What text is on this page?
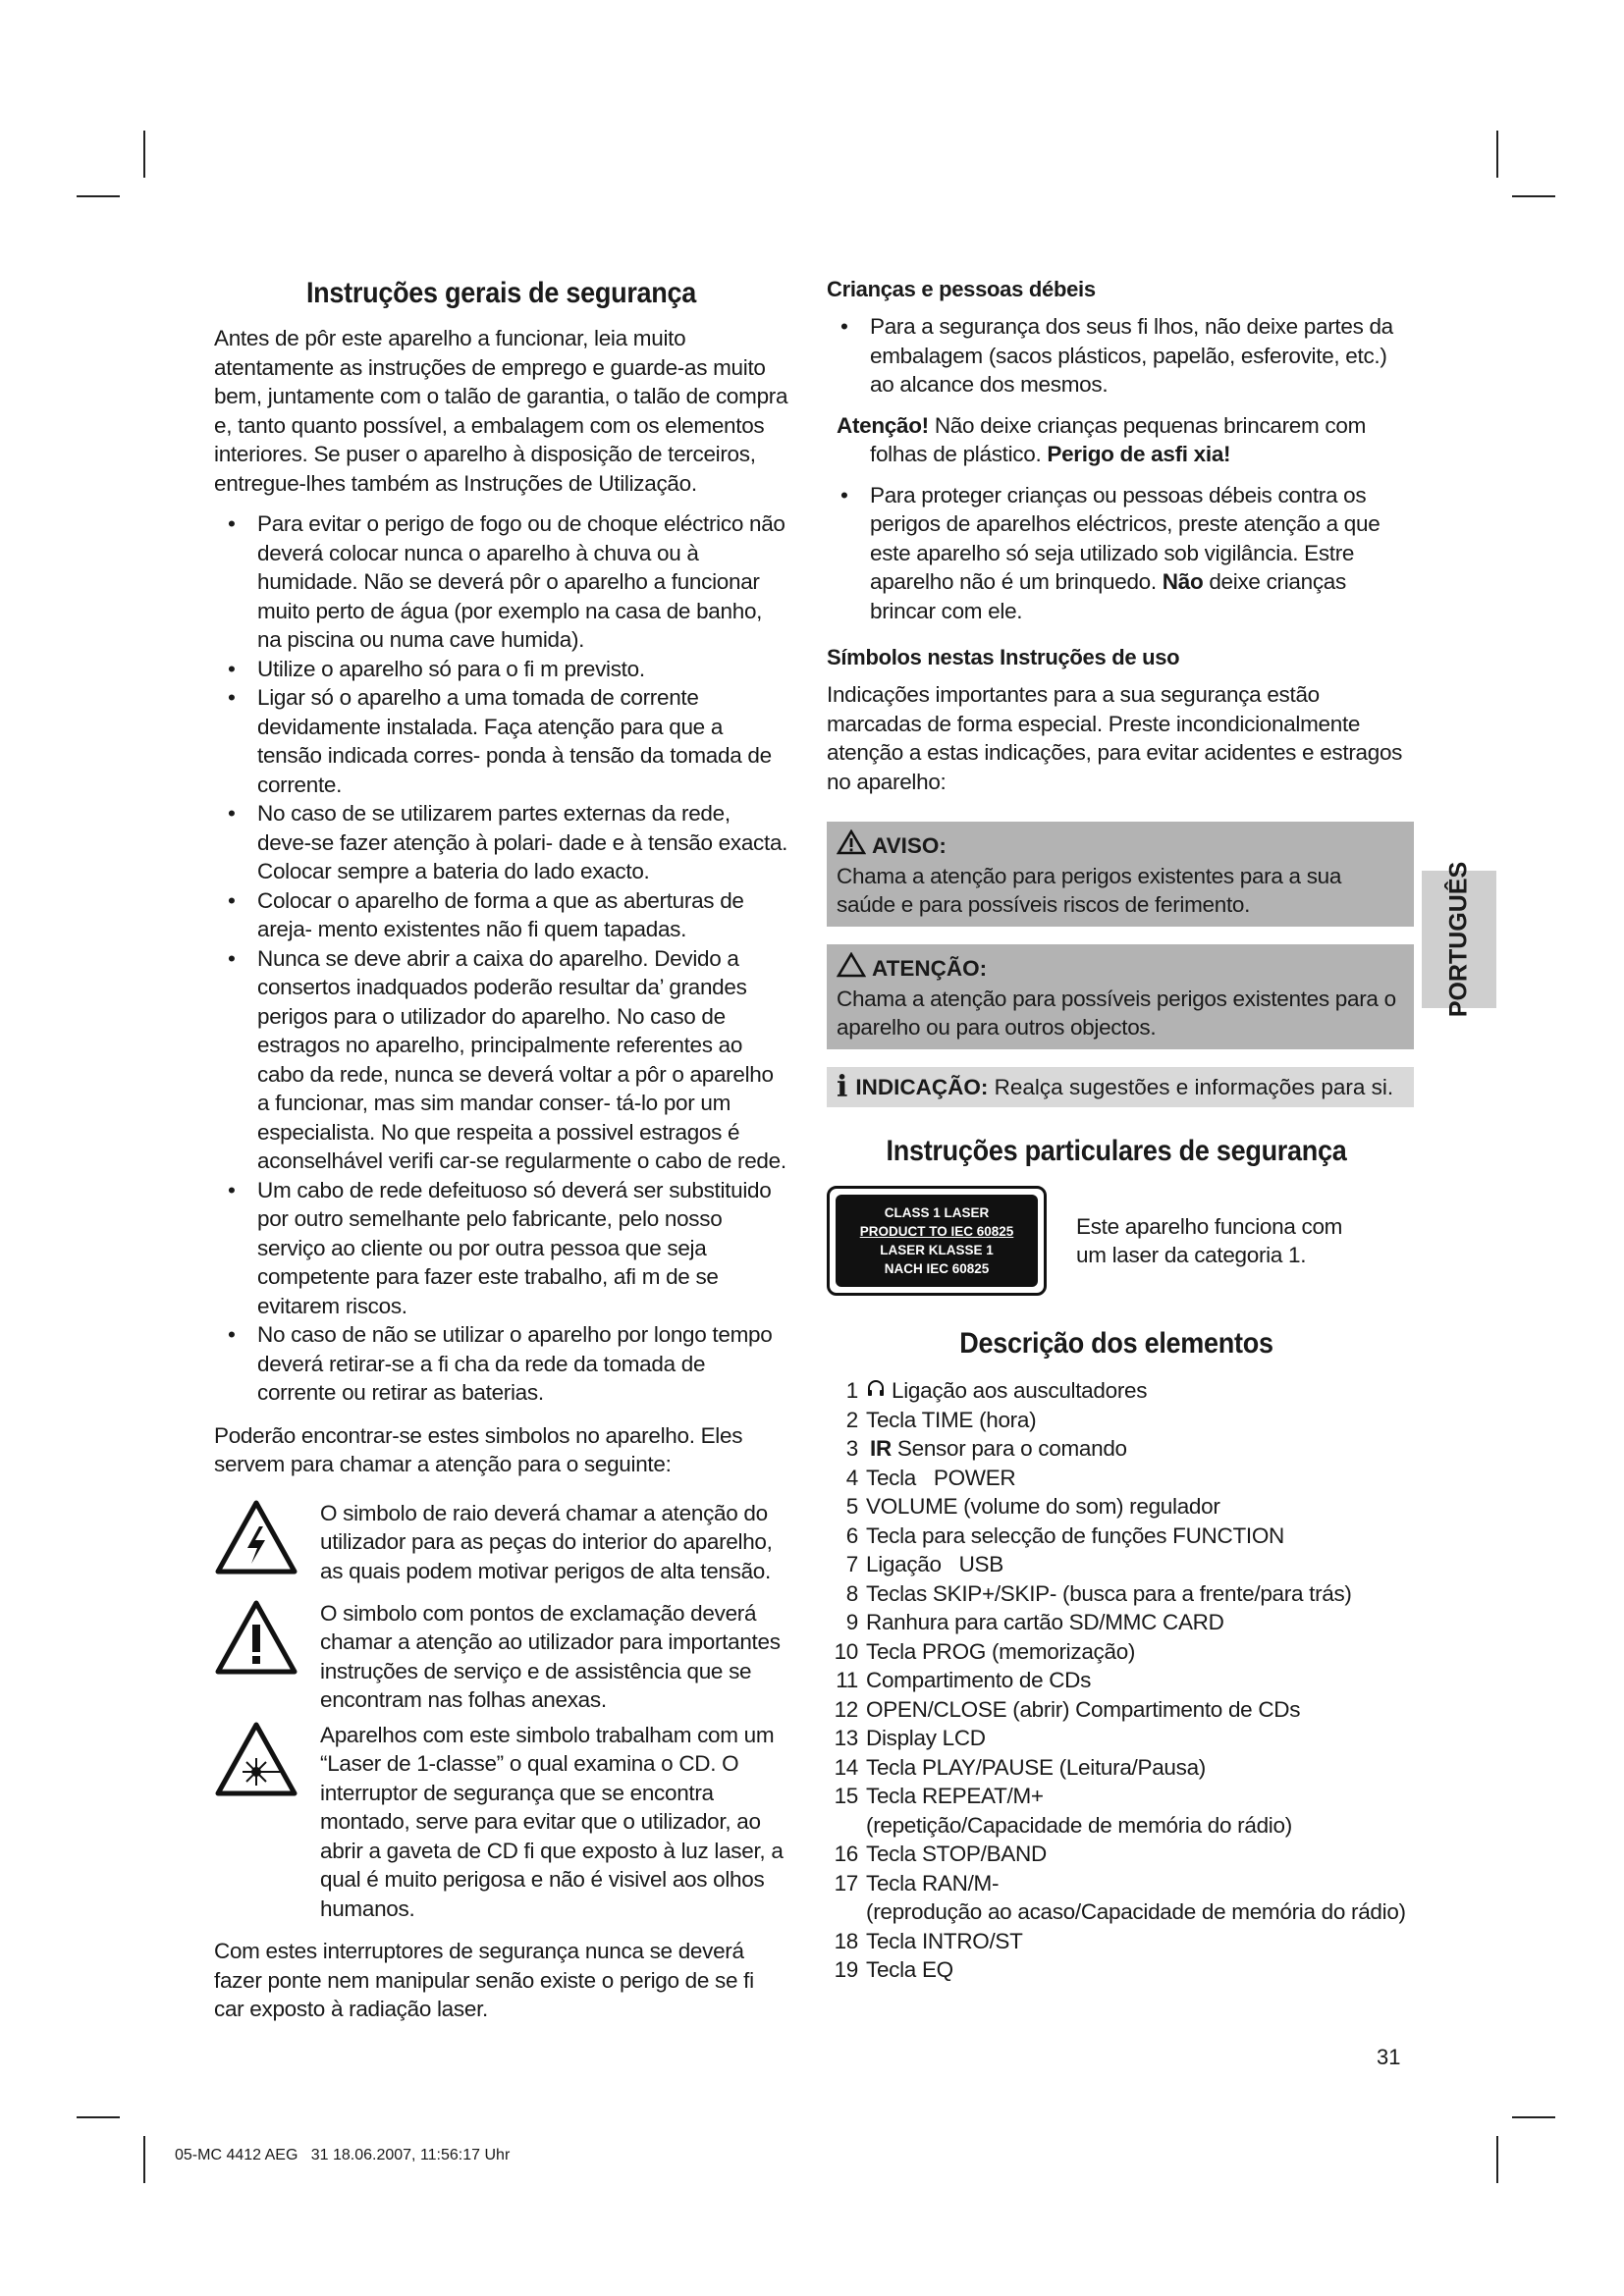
Instruções gerais de segurança

Antes de pôr este aparelho a funcionar, leia muito atentamente as instruções de emprego e guarde-as muito bem, juntamente com o talão de garantia, o talão de compra e, tanto quanto possível, a embalagem com os elementos interiores. Se puser o aparelho à disposição de terceiros, entregue-lhes também as Instruções de Utilização.

• Para evitar o perigo de fogo ou de choque eléctrico não deverá colocar nunca o aparelho à chuva ou à humidade. Não se deverá pôr o aparelho a funcionar muito perto de água (por exemplo na casa de banho, na piscina ou numa cave humida).
• Utilize o aparelho só para o fi m previsto.
• Ligar só o aparelho a uma tomada de corrente devidamente instalada. Faça atenção para que a tensão indicada corres- ponda à tensão da tomada de corrente.
• No caso de se utilizarem partes externas da rede, deve-se fazer atenção à polari- dade e à tensão exacta. Colocar sempre a bateria do lado exacto.
• Colocar o aparelho de forma a que as aberturas de areja- mento existentes não fi quem tapadas.
• Nunca se deve abrir a caixa do aparelho. Devido a consertos inadquados poderão resultar da’ grandes perigos para o utilizador do aparelho. No caso de estragos no aparelho, principalmente referentes ao cabo da rede, nunca se deverá voltar a pôr o aparelho a funcionar, mas sim mandar conser- tá-lo por um especialista. No que respeita a possivel estragos é aconselhável verifi car-se regularmente o cabo de rede.
• Um cabo de rede defeituoso só deverá ser substituido por outro semelhante pelo fabricante, pelo nosso serviço ao cliente ou por outra pessoa que seja competente para fazer este trabalho, afi m de se evitarem riscos.
• No caso de não se utilizar o aparelho por longo tempo deverá retirar-se a fi cha da rede da tomada de corrente ou retirar as baterias.

Poderão encontrar-se estes simbolos no aparelho. Eles servem para chamar a atenção para o seguinte:

O simbolo de raio deverá chamar a atenção do utilizador para as peças do interior do aparelho, as quais podem motivar perigos de alta tensão.
O simbolo com pontos de exclamação deverá chamar a atenção ao utilizador para importantes instruções de serviço e de assistência que se encontram nas folhas anexas.
Aparelhos com este simbolo trabalham com um “Laser de 1-classe” o qual examina o CD. O interruptor de segurança que se encontra montado, serve para evitar que o utilizador, ao abrir a gaveta de CD fi que exposto à luz laser, a qual é muito perigosa e não é visivel aos olhos humanos.

Com estes interruptores de segurança nunca se deverá fazer ponte nem manipular senão existe o perigo de se fi car exposto à radiação laser.

Crianças e pessoas débeis
• Para a segurança dos seus fi lhos, não deixe partes da embalagem (sacos plásticos, papelão, esferovite, etc.) ao alcance dos mesmos.

Atenção! Não deixe crianças pequenas brincarem com folhas de plástico. Perigo de asfi xia!

• Para proteger crianças ou pessoas débeis contra os perigos de aparelhos eléctricos, preste atenção a que este aparelho só seja utilizado sob vigilância. Estre aparelho não é um brinquedo. Não deixe crianças brincar com ele.
Símbolos nestas Instruções de uso

Indicações importantes para a sua segurança estão marcadas de forma especial. Preste incondicionalmente atenção a estas indicações, para evitar acidentes e estragos no aparelho:

AVISO:
Chama a atenção para perigos existentes para a sua saúde e para possíveis riscos de ferimento.
ATENÇÃO:
Chama a atenção para possíveis perigos existentes para o aparelho ou para outros objectos.
i INDICAÇÃO: Realça sugestões e informações para si.
Instruções particulares de segurança
CLASS 1 LASER
PRODUCT TO IEC 60825
LASER KLASSE 1
NACH IEC 60825
Este aparelho funciona com um laser da categoria 1.
Descrição dos elementos
1 Ligação aos auscultadores
2 Tecla TIME (hora)
3 IR Sensor para o comando
4 Tecla   POWER
5 VOLUME (volume do som) regulador
6 Tecla para selecção de funções FUNCTION
7 Ligação   USB
8 Teclas SKIP+/SKIP- (busca para a frente/para trás)
9 Ranhura para cartão SD/MMC CARD
10 Tecla PROG (memorização)
11 Compartimento de CDs
12 OPEN/CLOSE (abrir) Compartimento de CDs
13 Display LCD
14 Tecla PLAY/PAUSE (Leitura/Pausa)
15 Tecla REPEAT/M+
(repetição/Capacidade de memória do rádio)
16 Tecla STOP/BAND
17 Tecla RAN/M-
(reprodução ao acaso/Capacidade de memória do rádio)
18 Tecla INTRO/ST
19 Tecla EQ
PORTUGUÊS
31
05-MC 4412 AEG   31 18.06.2007, 11:56:17 Uhr
